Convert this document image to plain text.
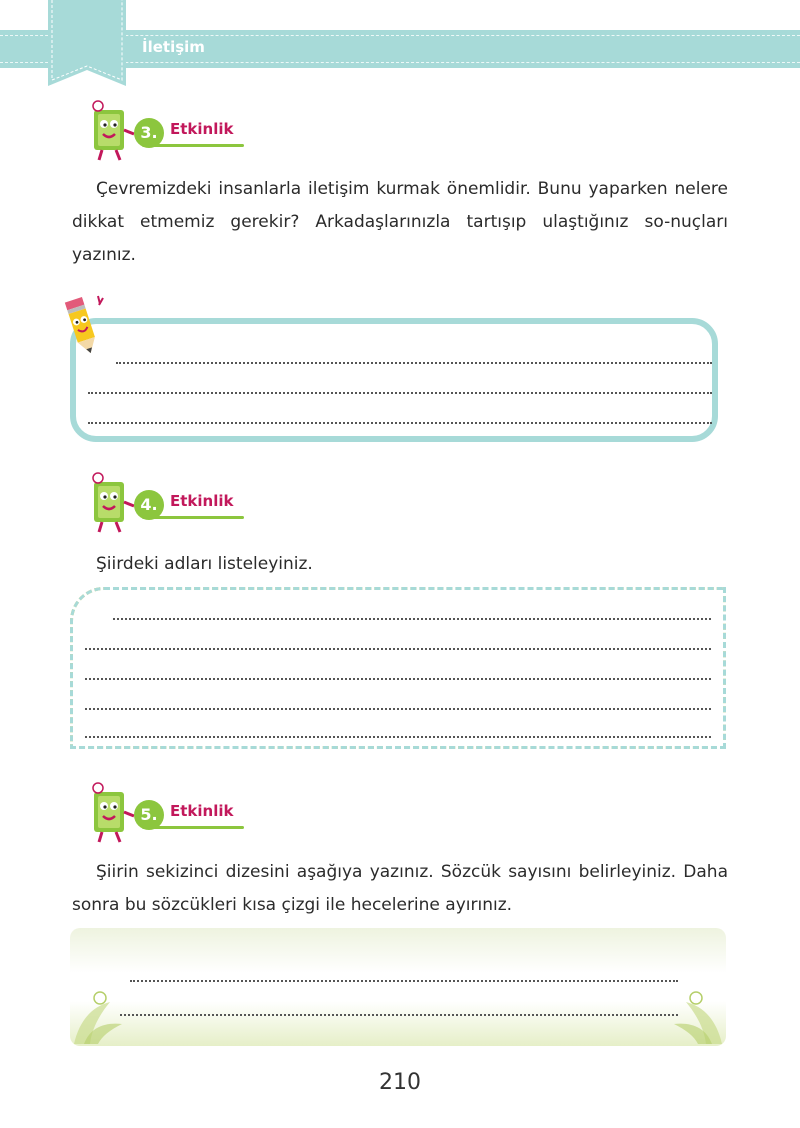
İletişim
3. Etkinlik

Çevremizdeki insanlarla iletişim kurmak önemlidir. Bunu yaparken nelere dikkat etmemiz gerekir? Arkadaşlarınızla tartışıp ulaştığınız so-nuçları yazınız.

4. Etkinlik

Şiirdeki adları listeleyiniz.

5. Etkinlik

Şiirin sekizinci dizesini aşağıya yazınız. Sözcük sayısını belirleyiniz. Daha sonra bu sözcükleri kısa çizgi ile hecelerine ayırınız.

210
